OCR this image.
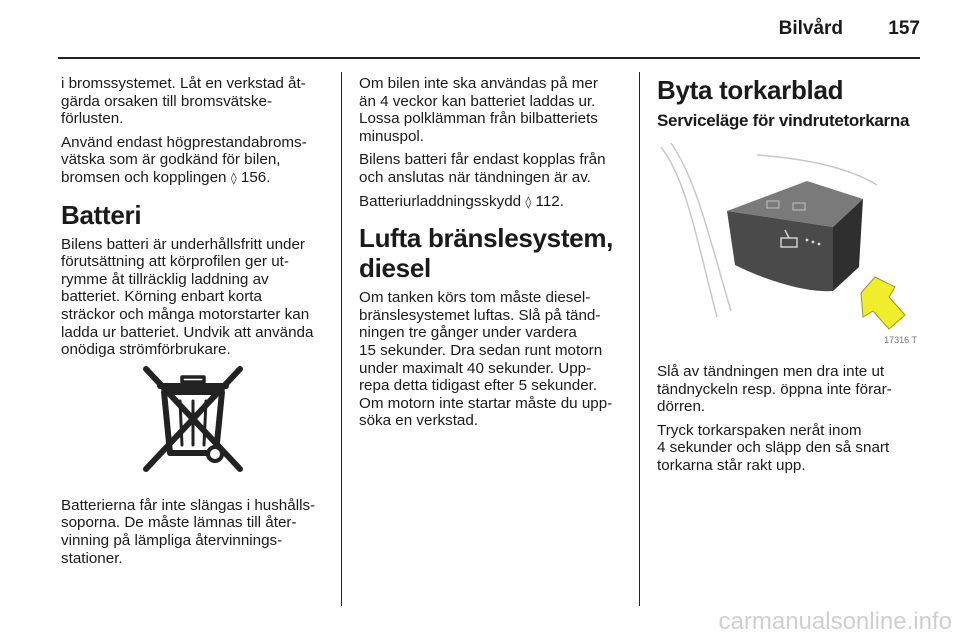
Bilvård 157

i bromssystemet. Låt en verkstad åt-
gärda orsaken till bromsvätske-
förlusten.

Använd endast högprestandabroms-
vätska som är godkänd för bilen,
bromsen och kopplingen ◊ 156.

Batteri

Bilens batteri är underhållsfritt under
förutsättning att körprofilen ger ut-
rymme åt tillräcklig laddning av
batteriet. Körning enbart korta
sträckor och många motorstarter kan
ladda ur batteriet. Undvik att använda
onödiga strömförbrukare.

Batterierna får inte slängas i hushålls-
soporna. De måste lämnas till åter-
vinning på lämpliga återvinnings-
stationer.

Om bilen inte ska användas på mer
än 4 veckor kan batteriet laddas ur.
Lossa polklämman från bilbatteriets
minuspol.

Bilens batteri får endast kopplas från
och anslutas när tändningen är av.

Batteriurladdningsskydd ◊ 112.

Lufta bränslesystem,
diesel

Om tanken körs tom måste diesel-
bränslesystemet luftas. Slå på tänd-
ningen tre gånger under vardera
15 sekunder. Dra sedan runt motorn
under maximalt 40 sekunder. Upp-
repa detta tidigast efter 5 sekunder.
Om motorn inte startar måste du upp-
söka en verkstad.

Byta torkarblad
Serviceläge för vindrutetorkarna
17316 T

Slå av tändningen men dra inte ut
tändnyckeln resp. öppna inte förar-
dörren.

Tryck torkarspaken neråt inom
4 sekunder och släpp den så snart
torkarna står rakt upp.

carmanualsonline.info
